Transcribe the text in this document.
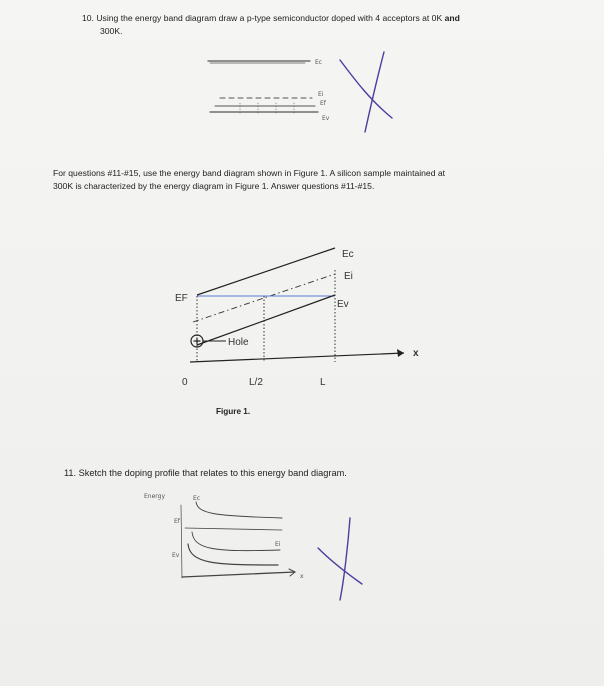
10. Using the energy band diagram draw a p-type semiconductor doped with 4 acceptors at 0K and
300K.
For questions #11-#15, use the energy band diagram shown in Figure 1. A silicon sample maintained at
300K is characterized by the energy diagram in Figure 1. Answer questions #11-#15.
Figure 1.
11. Sketch the doping profile that relates to this energy band diagram.
Ec
Ei
Ef
Ev
Ec
Ei
Ev
EF
Hole
x
0	L/2	L
Energy	Ec
Ef
Ei
Ev
x
